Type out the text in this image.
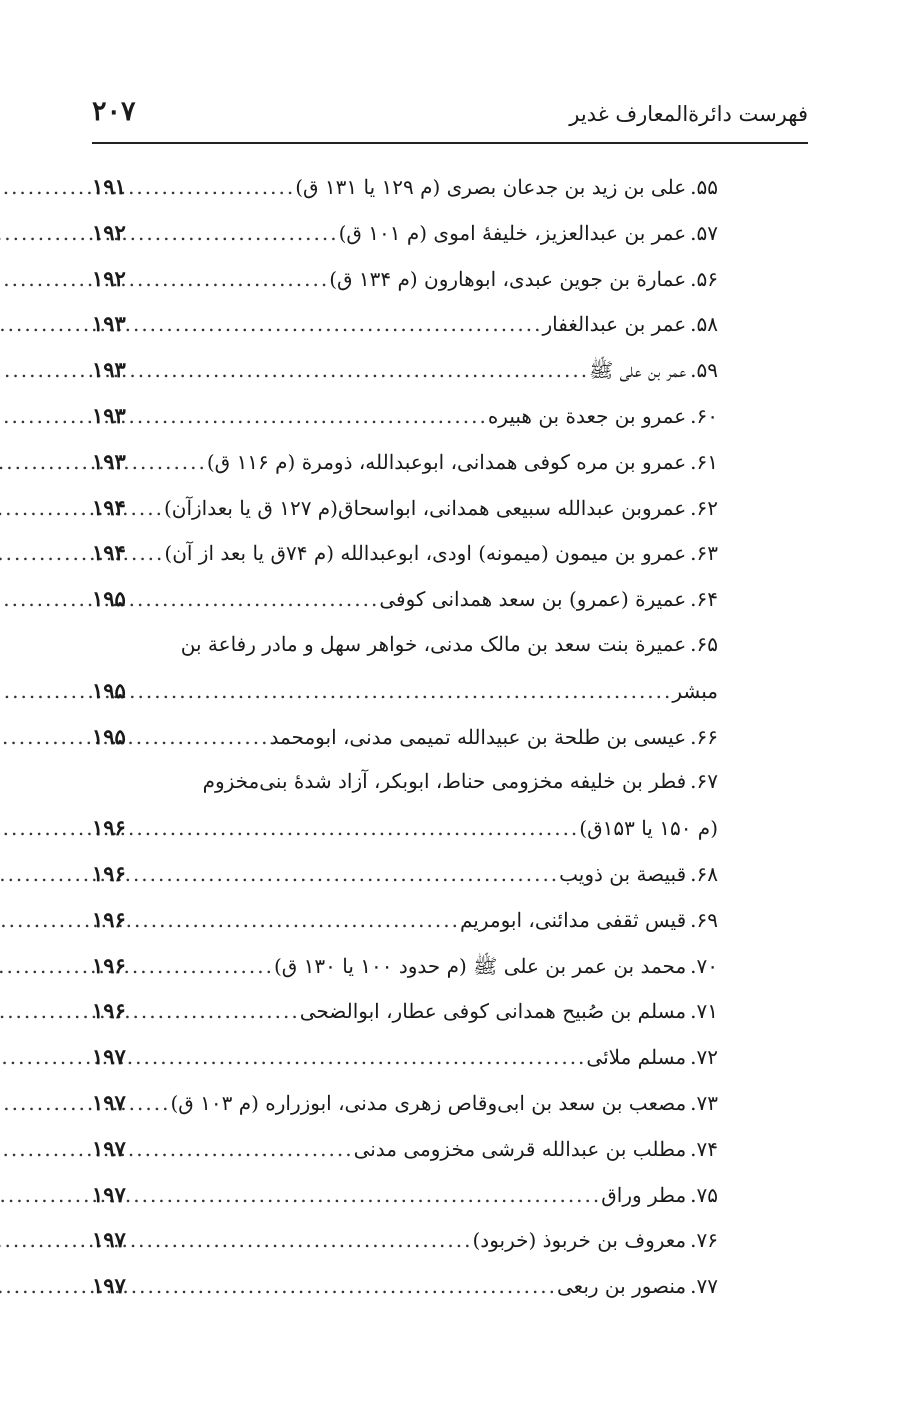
فهرست دائرةالمعارف غدیر
۲۰۷
۵۵.
علی بن زید بن جدعان بصری (م ۱۲۹ یا ۱۳۱ ق)
.....
۱۹۱
۵۷.
عمر بن عبدالعزیز، خلیفهٔ اموی (م ۱۰۱ ق)
.....
۱۹۲
۵۶.
عمارة بن جوین عبدی، ابوهارون (م ۱۳۴ ق)
.....
۱۹۲
۵۸.
عمر بن عبدالغفار
.....
۱۹۳
۵۹.
عمر بن علی ﷺ
.....
۱۹۳
۶۰.
عمرو بن جعدة بن هبیره
.....
۱۹۳
۶۱.
عمرو بن مره کوفی همدانی، ابوعبدالله، ذومرة (م ۱۱۶ ق)
.....
۱۹۳
۶۲.
عمروبن عبدالله سبیعی همدانی، ابواسحاق(م ۱۲۷ ق یا بعدازآن)
.....
۱۹۴
۶۳.
عمرو بن میمون (میمونه) اودی، ابوعبدالله (م ۷۴ق یا بعد از آن)
.....
۱۹۴
۶۴.
عمیرة (عمرو) بن سعد همدانی کوفی
.....
۱۹۵
۶۵.
عمیرة بنت سعد بن مالک مدنی، خواهر سهل و مادر رفاعة بن
مبشر
.....
۱۹۵
۶۶.
عیسی بن طلحة بن عبیدالله تمیمی مدنی، ابومحمد
.....
۱۹۵
۶۷.
فطر بن خلیفه مخزومی حناط، ابوبکر، آزاد شدهٔ بنی‌مخزوم
(م ۱۵۰ یا ۱۵۳ق)
.....
۱۹۶
۶۸.
قبیصة بن ذویب
.....
۱۹۶
۶۹.
قیس ثقفی مدائنی، ابومریم
.....
۱۹۶
۷۰.
محمد بن عمر بن علی ﷺ (م حدود ۱۰۰ یا ۱۳۰ ق)
.....
۱۹۶
۷۱.
مسلم بن صُبیح همدانی کوفی عطار، ابوالضحی
.....
۱۹۶
۷۲.
مسلم ملائی
.....
۱۹۷
۷۳.
مصعب بن سعد بن ابی‌وقاص زهری مدنی، ابوزراره (م ۱۰۳ ق)
.....
۱۹۷
۷۴.
مطلب بن عبدالله قرشی مخزومی مدنی
.....
۱۹۷
۷۵.
مطر وراق
.....
۱۹۷
۷۶.
معروف بن خربوذ (خربود)
.....
۱۹۷
۷۷.
منصور بن ربعی
.....
۱۹۷
